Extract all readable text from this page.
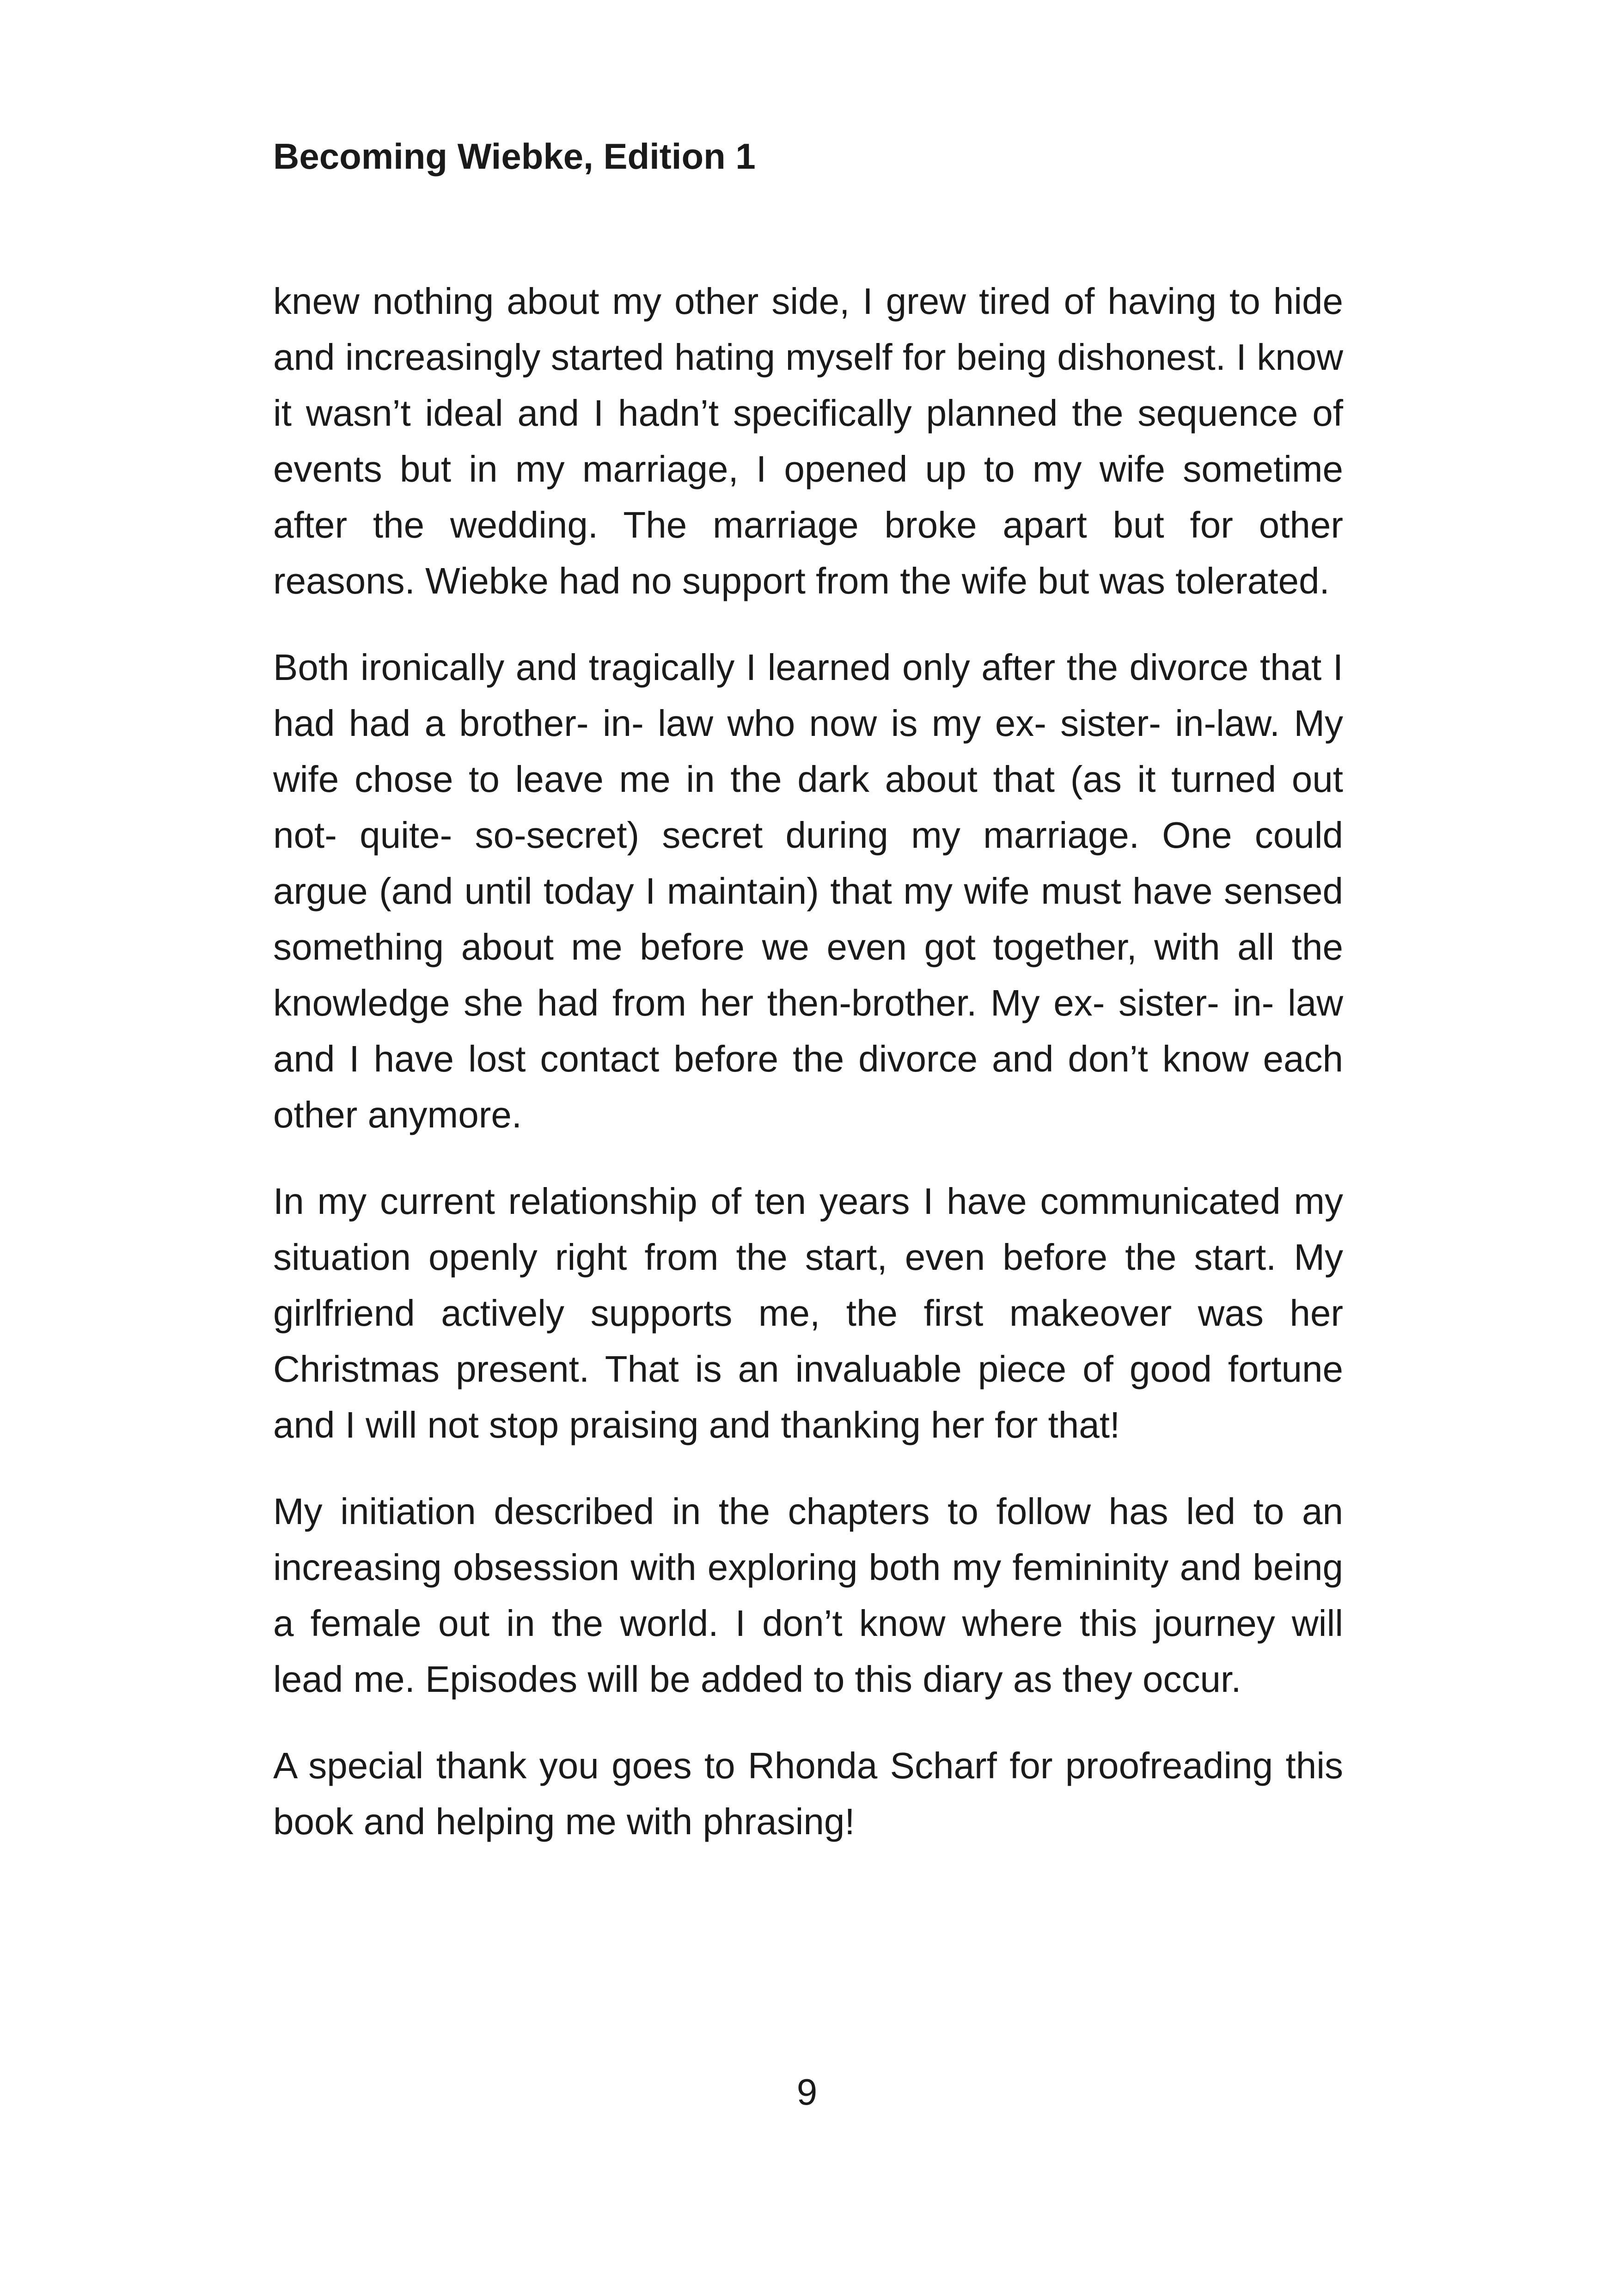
Becoming Wiebke, Edition 1

knew nothing about my other side, I grew tired of having to hide and increasingly started hating myself for being dishonest. I know it wasn’t ideal and I hadn’t specifically planned the sequence of events but in my marriage, I opened up to my wife sometime after the wedding. The marriage broke apart but for other reasons. Wiebke had no support from the wife but was tolerated.

Both ironically and tragically I learned only after the divorce that I had had a brother- in- law who now is my ex- sister- in-law. My wife chose to leave me in the dark about that (as it turned out not- quite- so-secret) secret during my marriage. One could argue (and until today I maintain) that my wife must have sensed something about me before we even got together, with all the knowledge she had from her then-brother. My ex- sister- in- law and I have lost contact before the divorce and don’t know each other anymore.

In my current relationship of ten years I have communicated my situation openly right from the start, even before the start. My girlfriend actively supports me, the first makeover was her Christmas present. That is an invaluable piece of good fortune and I will not stop praising and thanking her for that!

My initiation described in the chapters to follow has led to an increasing obsession with exploring both my femininity and being a female out in the world. I don’t know where this journey will lead me. Episodes will be added to this diary as they occur.

A special thank you goes to Rhonda Scharf for proofreading this book and helping me with phrasing!

9
